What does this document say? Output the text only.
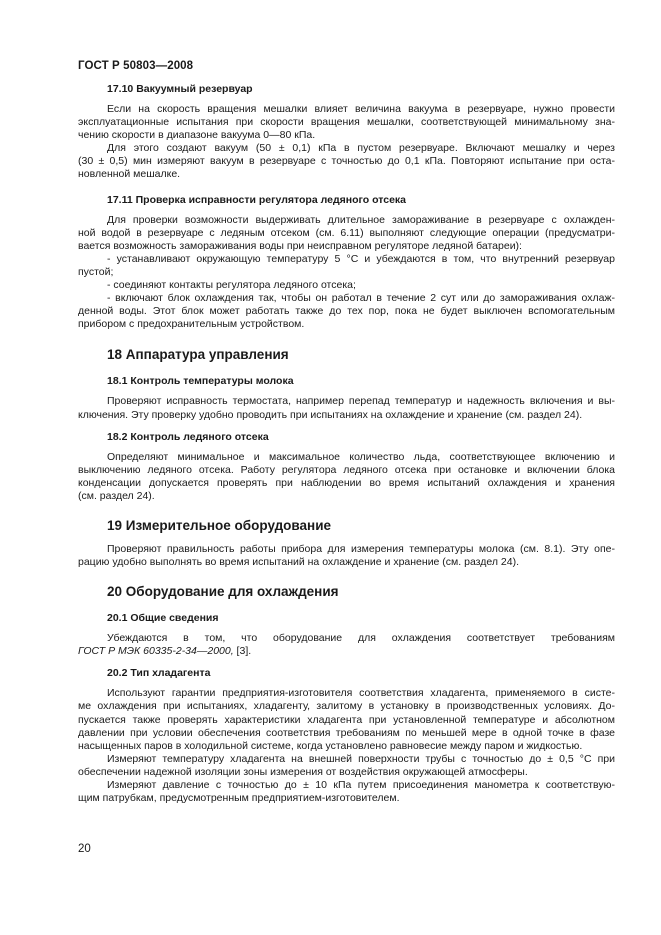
ГОСТ Р 50803—2008
17.10 Вакуумный резервуар
Если на скорость вращения мешалки влияет величина вакуума в резервуаре, нужно провести
эксплуатационные испытания при скорости вращения мешалки, соответствующей минимальному зна-
чению скорости в диапазоне вакуума 0—80 кПа.
Для этого создают вакуум (50 ± 0,1) кПа в пустом резервуаре. Включают мешалку и через
(30 ± 0,5) мин измеряют вакуум в резервуаре с точностью до 0,1 кПа. Повторяют испытание при оста-
новленной мешалке.
17.11 Проверка исправности регулятора ледяного отсека
Для проверки возможности выдерживать длительное замораживание в резервуаре с охлажден-
ной водой в резервуаре с ледяным отсеком (см. 6.11) выполняют следующие операции (предусматри-
вается возможность замораживания воды при неисправном регуляторе ледяной батареи):
- устанавливают окружающую температуру 5 °С и убеждаются в том, что внутренний резервуар
пустой;
- соединяют контакты регулятора ледяного отсека;
- включают блок охлаждения так, чтобы он работал в течение 2 сут или до замораживания охлаж-
денной воды. Этот блок может работать также до тех пор, пока не будет выключен вспомогательным
прибором с предохранительным устройством.
18 Аппаратура управления
18.1 Контроль температуры молока
Проверяют исправность термостата, например перепад температур и надежность включения и вы-
ключения. Эту проверку удобно проводить при испытаниях на охлаждение и хранение (см. раздел 24).
18.2 Контроль ледяного отсека
Определяют минимальное и максимальное количество льда, соответствующее включению и
выключению ледяного отсека. Работу регулятора ледяного отсека при остановке и включении блока
конденсации допускается проверять при наблюдении во время испытаний охлаждения и хранения
(см. раздел 24).
19 Измерительное оборудование
Проверяют правильность работы прибора для измерения температуры молока (см. 8.1). Эту опе-
рацию удобно выполнять во время испытаний на охлаждение и хранение (см. раздел 24).
20 Оборудование для охлаждения
20.1 Общие сведения
Убеждаются в том, что оборудование для охлаждения соответствует требованиям
ГОСТ Р МЭК 60335-2-34—2000, [3].
20.2 Тип хладагента
Используют гарантии предприятия-изготовителя соответствия хладагента, применяемого в систе-
ме охлаждения при испытаниях, хладагенту, залитому в установку в производственных условиях. До-
пускается также проверять характеристики хладагента при установленной температуре и абсолютном
давлении при условии обеспечения соответствия требованиям по меньшей мере в одной точке в фазе
насыщенных паров в холодильной системе, когда установлено равновесие между паром и жидкостью.
Измеряют температуру хладагента на внешней поверхности трубы с точностью до ± 0,5 °С при
обеспечении надежной изоляции зоны измерения от воздействия окружающей атмосферы.
Измеряют давление с точностью до ± 10 кПа путем присоединения манометра к соответствую-
щим патрубкам, предусмотренным предприятием-изготовителем.
20
